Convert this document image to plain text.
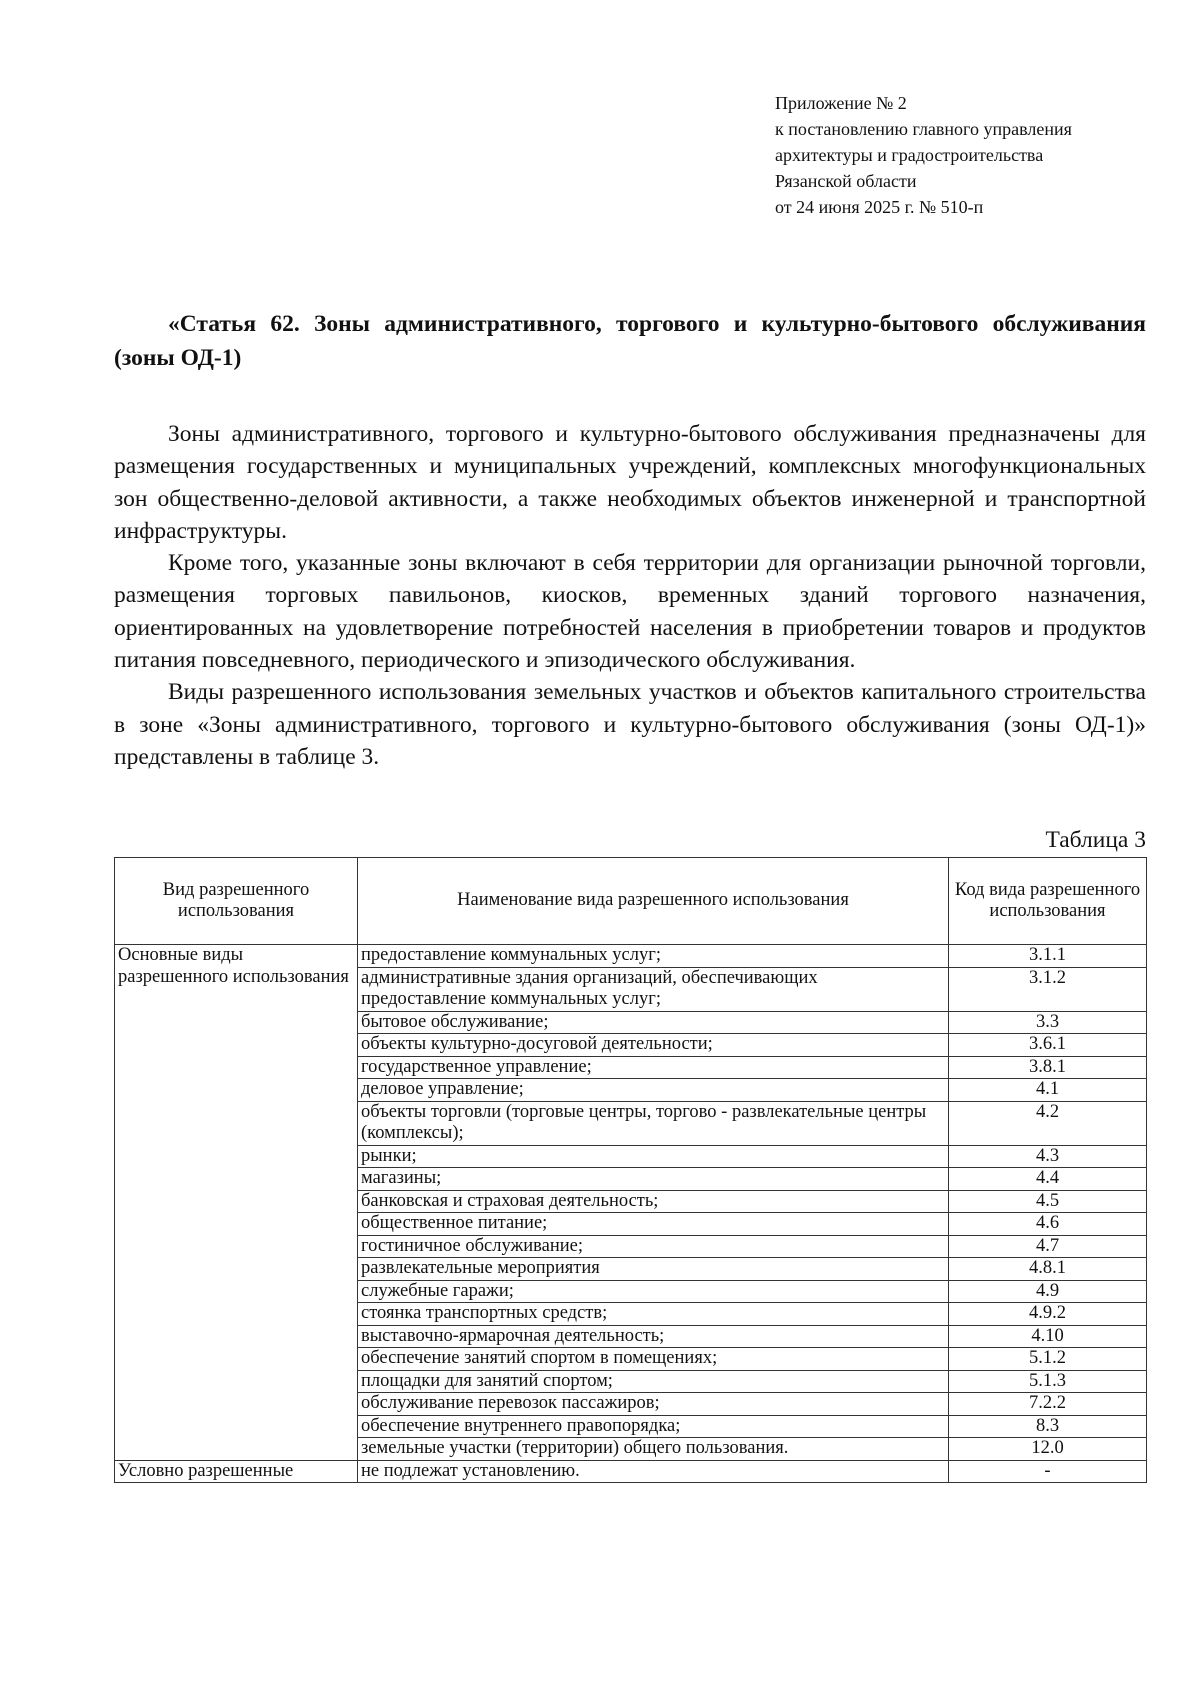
Приложение № 2
к постановлению главного управления
архитектуры и градостроительства
Рязанской области
от 24 июня 2025 г. № 510-п
«Статья 62. Зоны административного, торгового и культурно-бытового обслуживания (зоны ОД-1)

Зоны административного, торгового и культурно-бытового обслуживания предназначены для размещения государственных и муниципальных учреждений, комплексных многофункциональных зон общественно-деловой активности, а также необходимых объектов инженерной и транспортной инфраструктуры.

Кроме того, указанные зоны включают в себя территории для организации рыночной торговли, размещения торговых павильонов, киосков, временных зданий торгового назначения, ориентированных на удовлетворение потребностей населения в приобретении товаров и продуктов питания повседневного, периодического и эпизодического обслуживания.

Виды разрешенного использования земельных участков и объектов капитального строительства в зоне «Зоны административного, торгового и культурно-бытового обслуживания (зоны ОД-1)» представлены в таблице 3.

Таблица 3
Вид разрешенного использования	Наименование вида разрешенного использования	Код вида разрешенного использования
Основные виды разрешенного использования	предоставление коммунальных услуг;	3.1.1
	административные здания организаций, обеспечивающих предоставление коммунальных услуг;	3.1.2
	бытовое обслуживание;	3.3
	объекты культурно-досуговой деятельности;	3.6.1
	государственное управление;	3.8.1
	деловое управление;	4.1
	объекты торговли (торговые центры, торгово - развлекательные центры (комплексы);	4.2
	рынки;	4.3
	магазины;	4.4
	банковская и страховая деятельность;	4.5
	общественное питание;	4.6
	гостиничное обслуживание;	4.7
	развлекательные мероприятия	4.8.1
	служебные гаражи;	4.9
	стоянка транспортных средств;	4.9.2
	выставочно-ярмарочная деятельность;	4.10
	обеспечение занятий спортом в помещениях;	5.1.2
	площадки для занятий спортом;	5.1.3
	обслуживание перевозок пассажиров;	7.2.2
	обеспечение внутреннего правопорядка;	8.3
	земельные участки (территории) общего пользования.	12.0
Условно разрешенные	не подлежат установлению.	-
